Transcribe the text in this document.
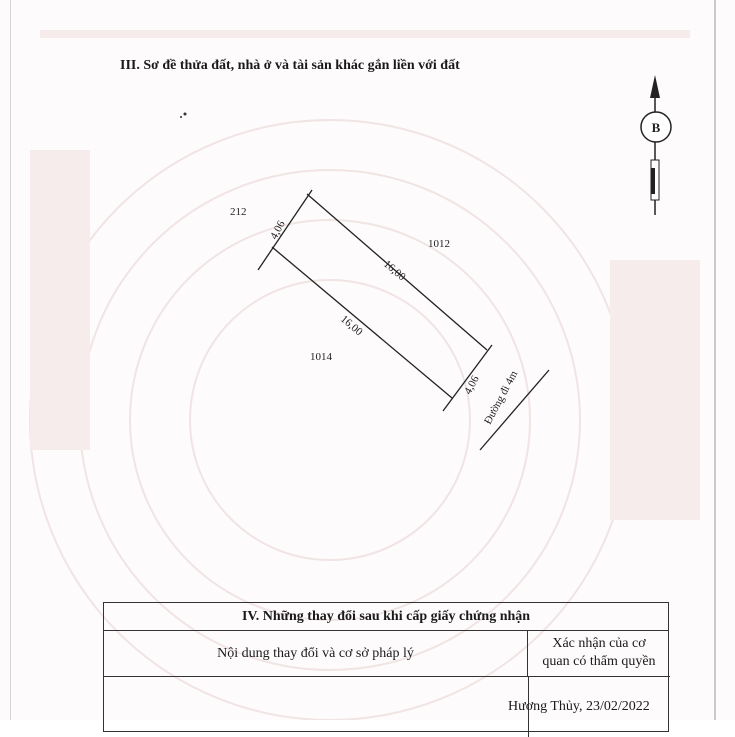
III. Sơ đề thửa đất, nhà ở và tài sản khác gắn liền với đất
B
212
1012
1014
4,06
16,00
16,00
4,06 Đường đi 4m
IV. Những thay đổi sau khi cấp giấy chứng nhận
Nội dung thay đổi và cơ sở pháp lý
Xác nhận của cơ
quan có thẩm quyền
Hương Thủy, 23/02/2022
